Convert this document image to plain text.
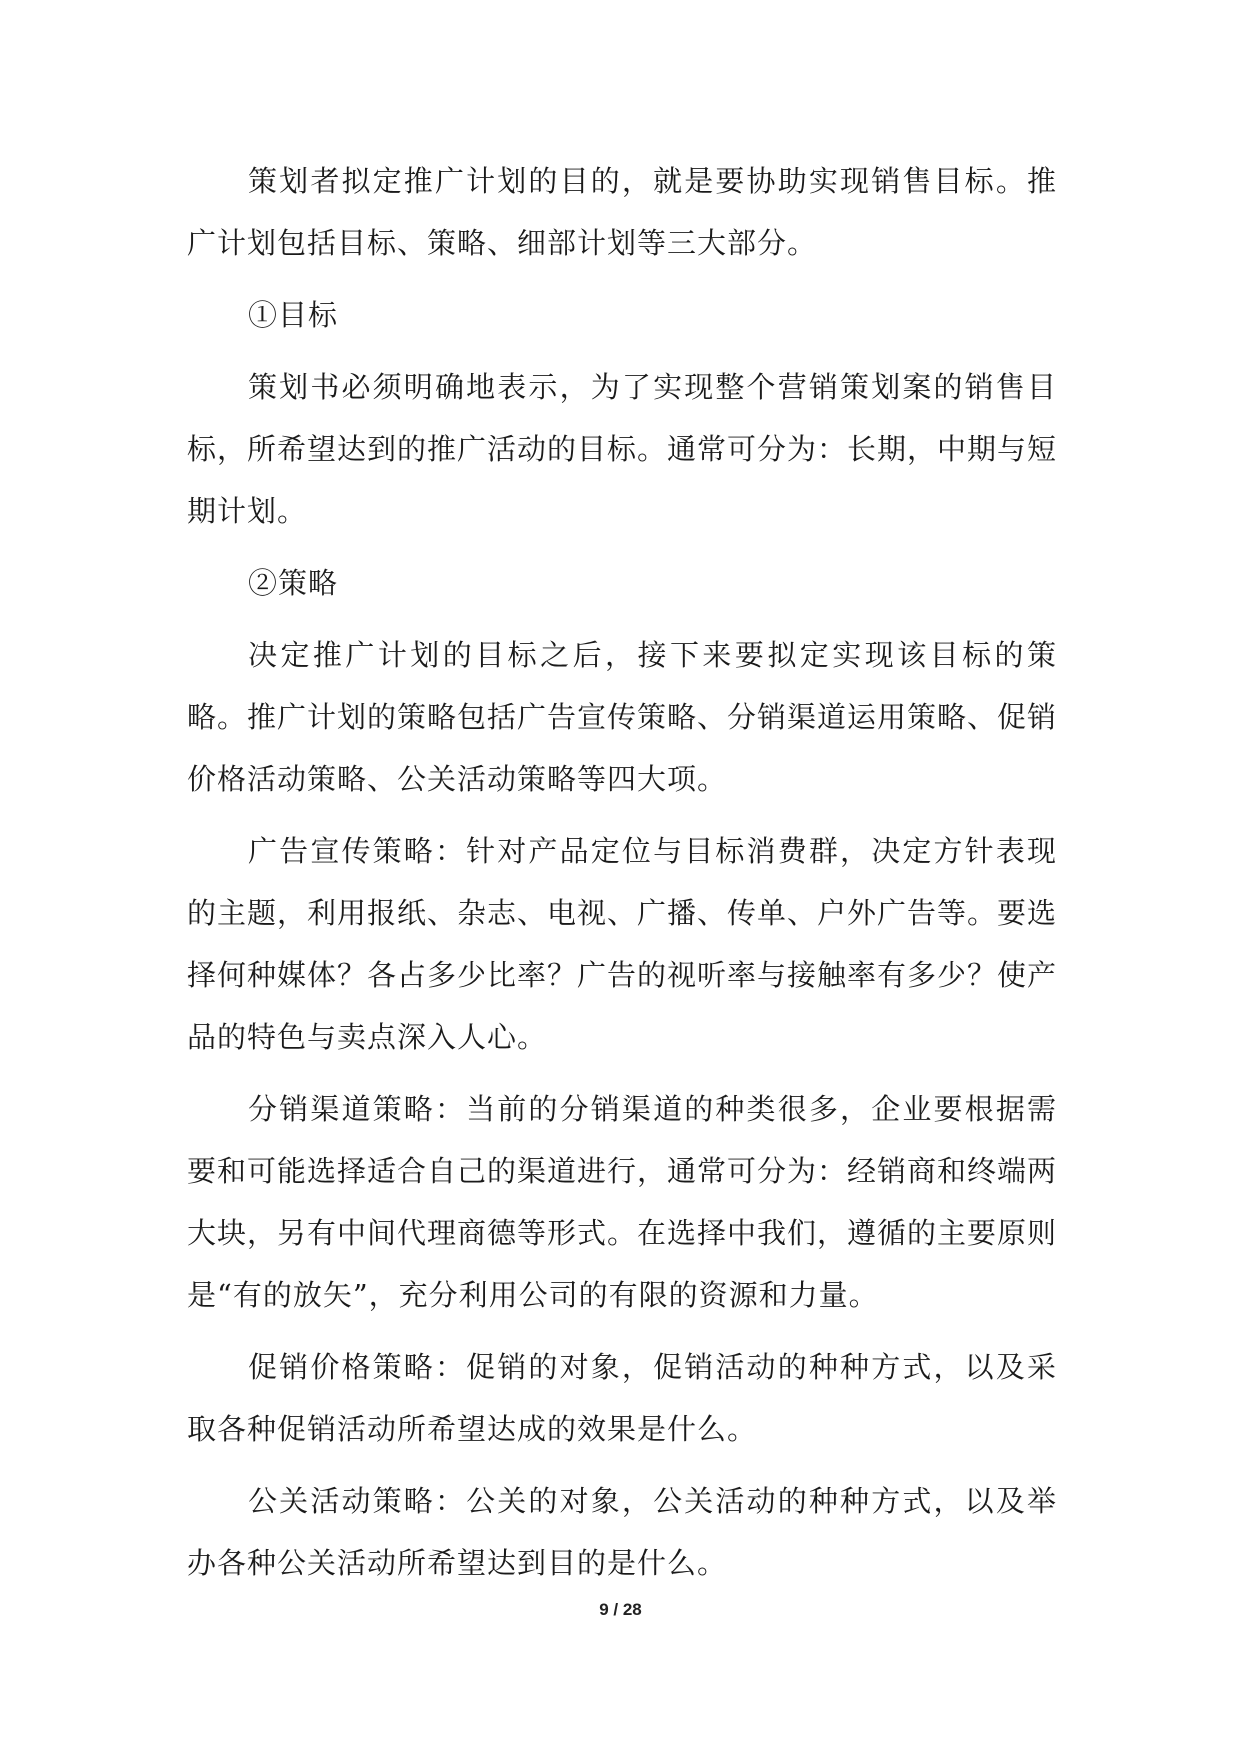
策划者拟定推广计划的目的，就是要协助实现销售目标。推广计划包括目标、策略、细部计划等三大部分。

①目标

策划书必须明确地表示，为了实现整个营销策划案的销售目标，所希望达到的推广活动的目标。通常可分为：长期，中期与短期计划。

②策略

决定推广计划的目标之后，接下来要拟定实现该目标的策略。推广计划的策略包括广告宣传策略、分销渠道运用策略、促销价格活动策略、公关活动策略等四大项。

广告宣传策略：针对产品定位与目标消费群，决定方针表现的主题，利用报纸、杂志、电视、广播、传单、户外广告等。要选择何种媒体？各占多少比率？广告的视听率与接触率有多少？使产品的特色与卖点深入人心。

分销渠道策略：当前的分销渠道的种类很多，企业要根据需要和可能选择适合自己的渠道进行，通常可分为：经销商和终端两大块，另有中间代理商德等形式。在选择中我们，遵循的主要原则是“有的放矢”，充分利用公司的有限的资源和力量。

促销价格策略：促销的对象，促销活动的种种方式，以及采取各种促销活动所希望达成的效果是什么。

公关活动策略：公关的对象，公关活动的种种方式，以及举办各种公关活动所希望达到目的是什么。

9 / 28
